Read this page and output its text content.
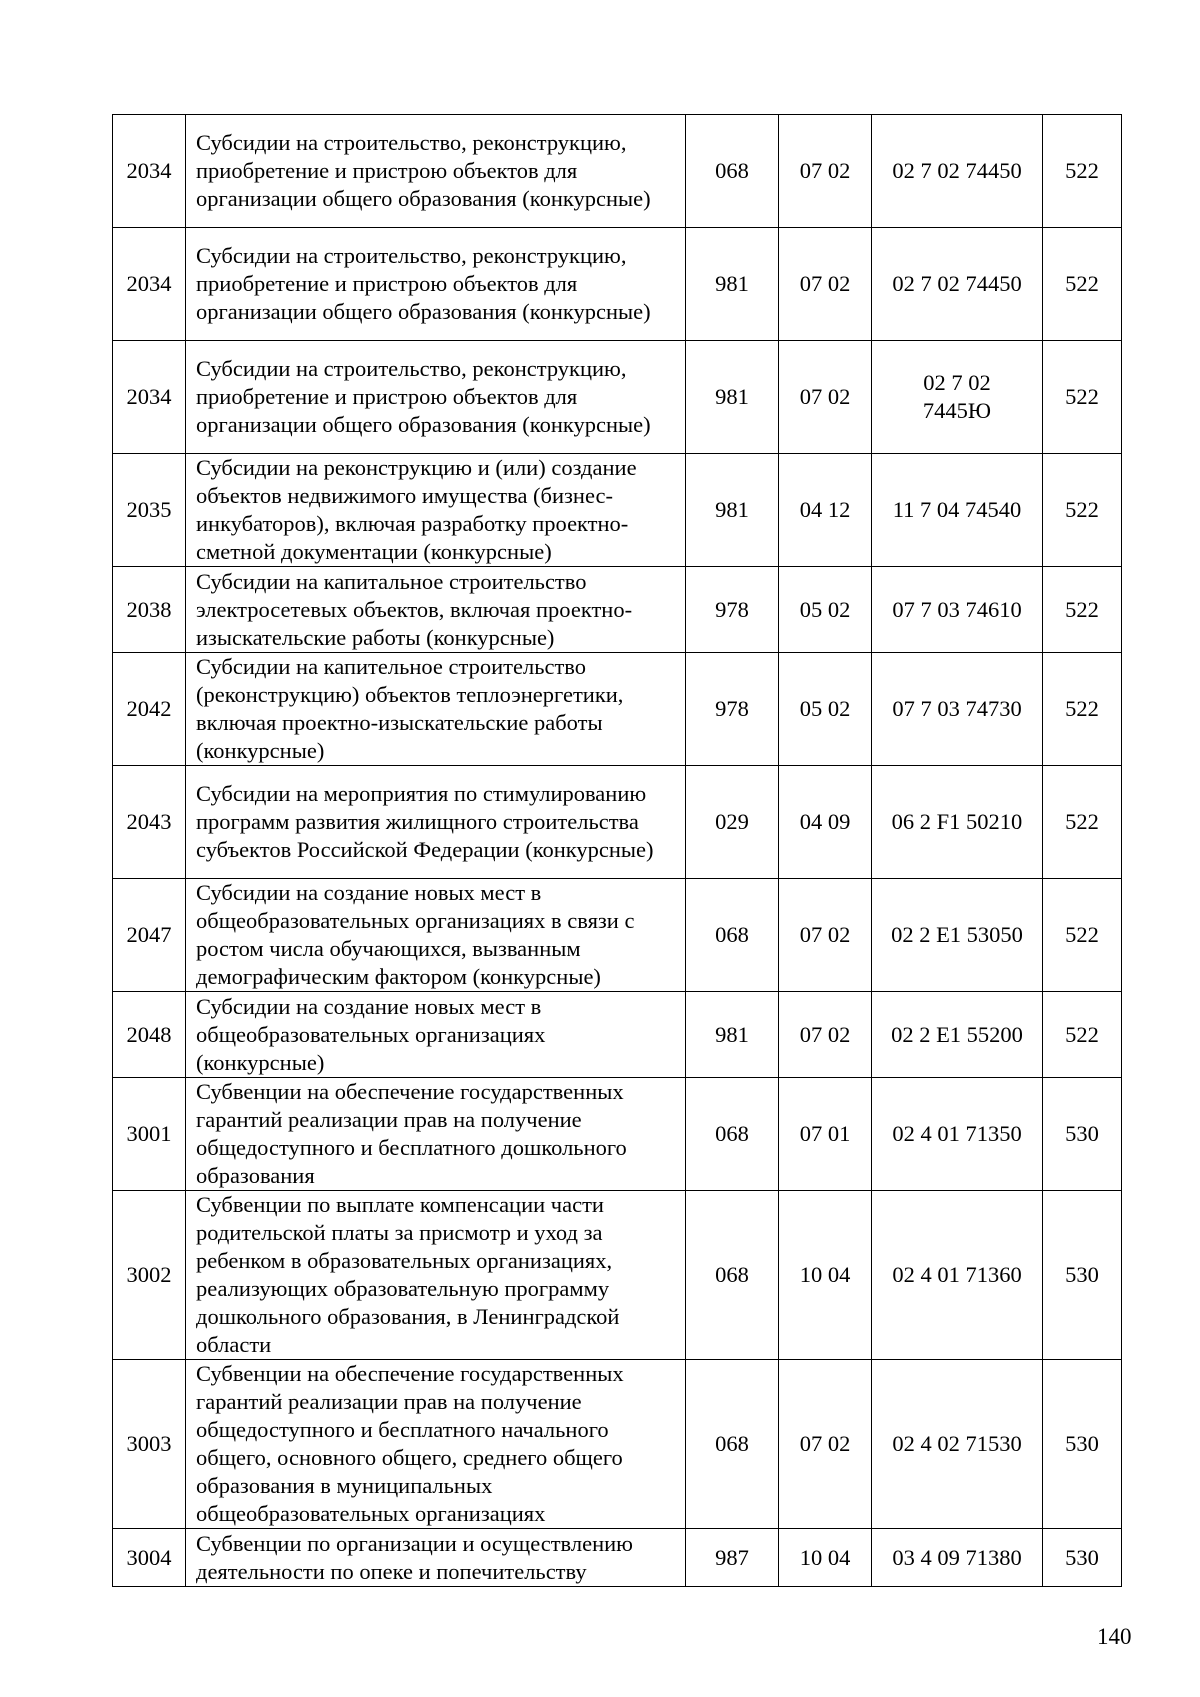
2034	Субсидии на строительство, реконструкцию, приобретение и пристрою объектов для организации общего образования (конкурсные)	068	07 02	02 7 02 74450	522
2034	Субсидии на строительство, реконструкцию, приобретение и пристрою объектов для организации общего образования (конкурсные)	981	07 02	02 7 02 74450	522
2034	Субсидии на строительство, реконструкцию, приобретение и пристрою объектов для организации общего образования (конкурсные)	981	07 02	02 7 02 7445Ю	522
2035	Субсидии на реконструкцию и (или) создание объектов недвижимого имущества (бизнес-инкубаторов), включая разработку проектно-сметной документации (конкурсные)	981	04 12	11 7 04 74540	522
2038	Субсидии на капитальное строительство электросетевых объектов, включая проектно-изыскательские работы (конкурсные)	978	05 02	07 7 03 74610	522
2042	Субсидии на капительное строительство (реконструкцию) объектов теплоэнергетики, включая проектно-изыскательские работы (конкурсные)	978	05 02	07 7 03 74730	522
2043	Субсидии на мероприятия по стимулированию программ развития жилищного строительства субъектов Российской Федерации (конкурсные)	029	04 09	06 2 F1 50210	522
2047	Субсидии на создание новых мест в общеобразовательных организациях в связи с ростом числа обучающихся, вызванным демографическим фактором (конкурсные)	068	07 02	02 2 E1 53050	522
2048	Субсидии на создание новых мест в общеобразовательных организациях (конкурсные)	981	07 02	02 2 E1 55200	522
3001	Субвенции на обеспечение государственных гарантий реализации прав на получение общедоступного и бесплатного дошкольного образования	068	07 01	02 4 01 71350	530
3002	Субвенции по выплате компенсации части родительской платы за присмотр и уход за ребенком в образовательных организациях, реализующих образовательную программу дошкольного образования, в Ленинградской области	068	10 04	02 4 01 71360	530
3003	Субвенции на обеспечение государственных гарантий реализации прав на получение общедоступного и бесплатного начального общего, основного общего, среднего общего образования в муниципальных общеобразовательных организациях	068	07 02	02 4 02 71530	530
3004	Субвенции по организации и осуществлению деятельности по опеке и попечительству	987	10 04	03 4 09 71380	530
140
